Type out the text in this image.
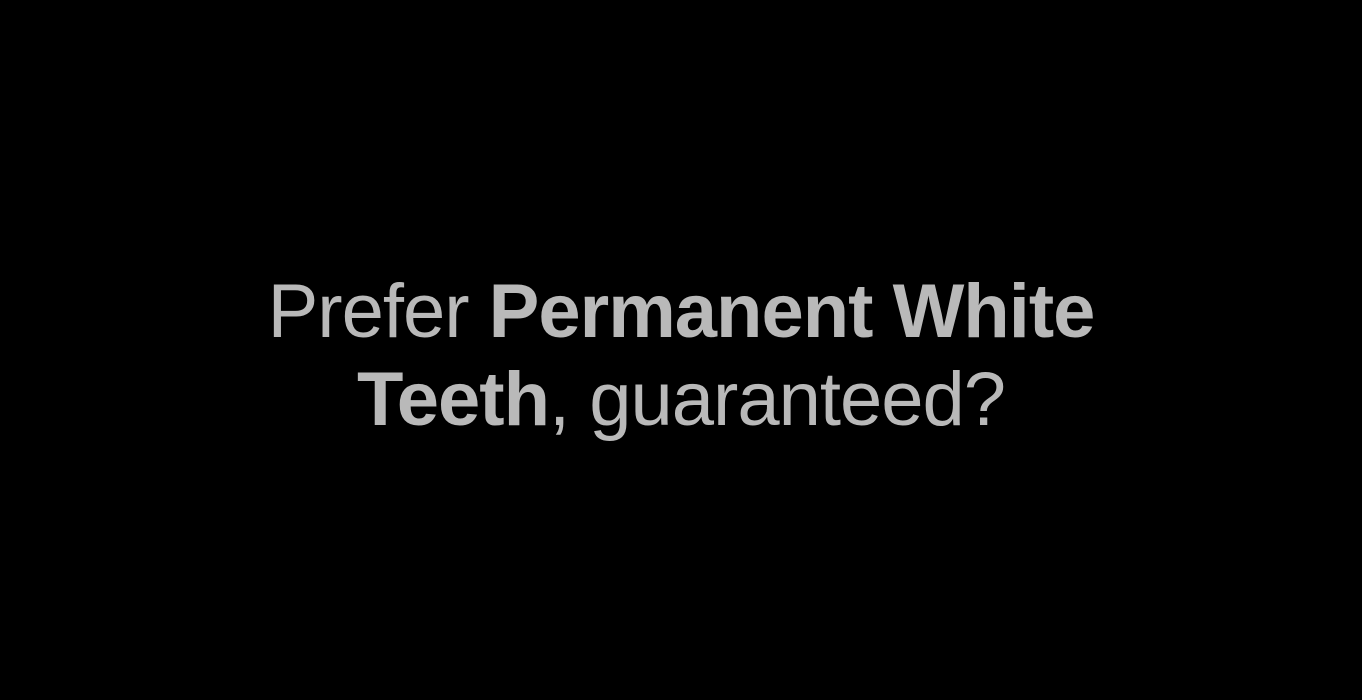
Prefer Permanent White
Teeth, guaranteed?
